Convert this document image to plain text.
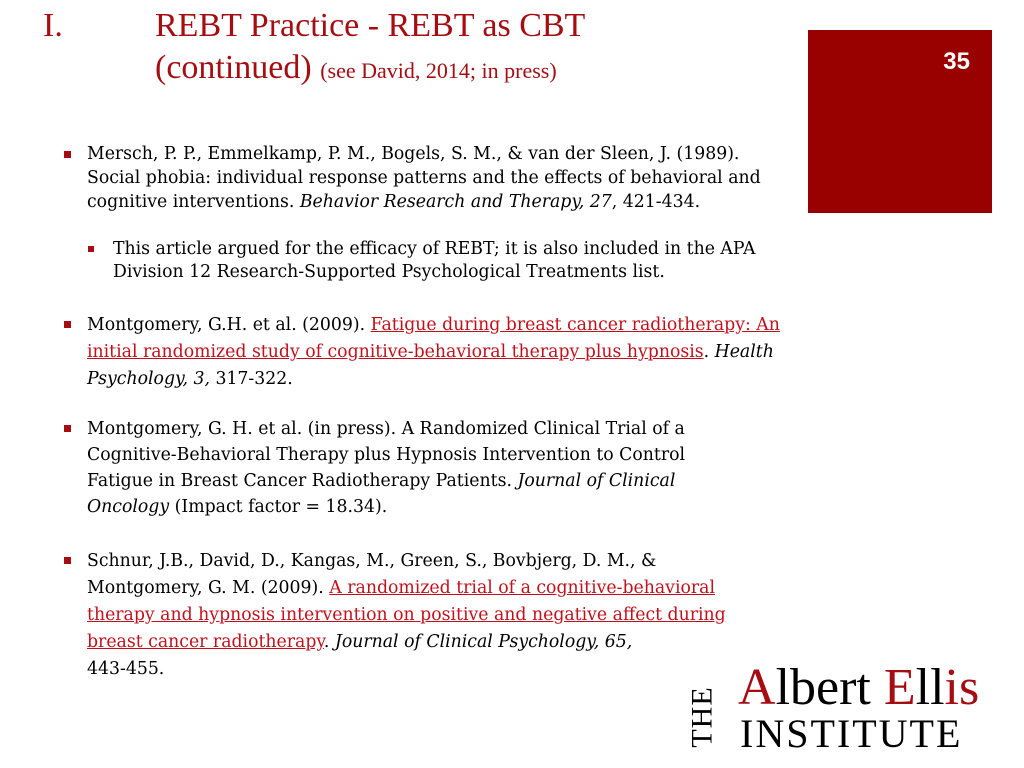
I.	REBT Practice - REBT as CBT
(continued) (see David, 2014; in press)	35
Mersch, P. P., Emmelkamp, P. M., Bogels, S. M., & van der Sleen, J. (1989). Social phobia: individual response patterns and the effects of behavioral and cognitive interventions. Behavior Research and Therapy, 27, 421-434.
This article argued for the efficacy of REBT; it is also included in the APA Division 12 Research-Supported Psychological Treatments list.
Montgomery, G.H. et al. (2009). Fatigue during breast cancer radiotherapy: An initial randomized study of cognitive-behavioral therapy plus hypnosis. Health Psychology, 3, 317-322.
Montgomery, G. H. et al. (in press). A Randomized Clinical Trial of a Cognitive-Behavioral Therapy plus Hypnosis Intervention to Control Fatigue in Breast Cancer Radiotherapy Patients. Journal of Clinical Oncology (Impact factor = 18.34).
Schnur, J.B., David, D., Kangas, M., Green, S., Bovbjerg, D. M., & Montgomery, G. M. (2009). A randomized trial of a cognitive-behavioral therapy and hypnosis intervention on positive and negative affect during breast cancer radiotherapy. Journal of Clinical Psychology, 65,
443-455.
THE Albert Ellis
INSTITUTE
